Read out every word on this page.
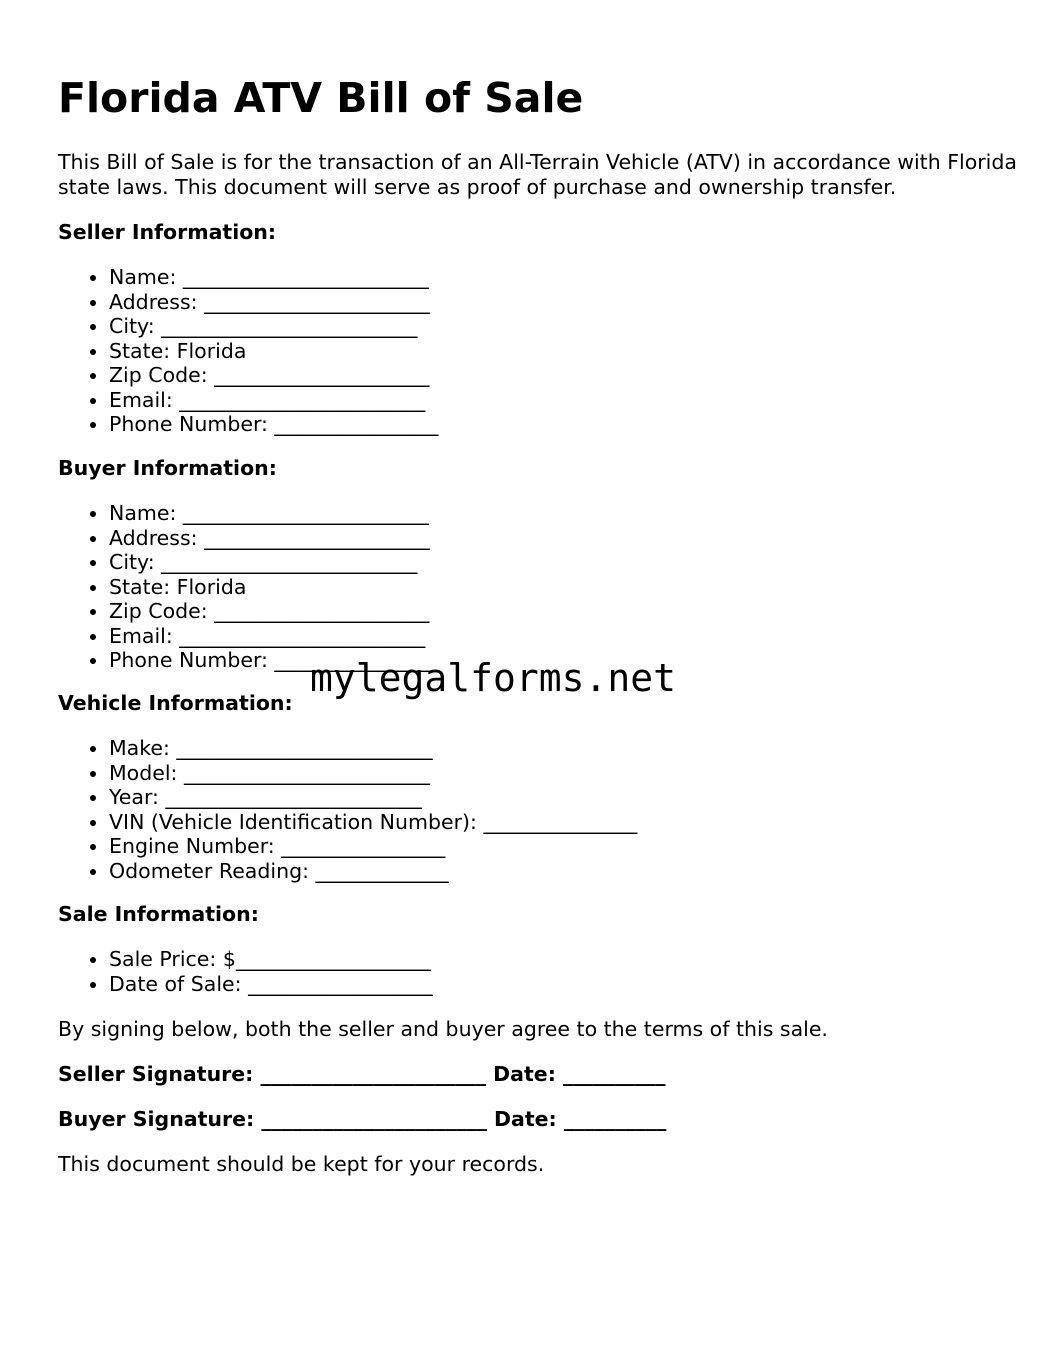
Florida ATV Bill of Sale

This Bill of Sale is for the transaction of an All-Terrain Vehicle (ATV) in accordance with Florida state laws. This document will serve as proof of purchase and ownership transfer.

Seller Information:

• Name: ________________________
• Address: ______________________
• City: _________________________
• State: Florida
• Zip Code: _____________________
• Email: ________________________
• Phone Number: ________________

Buyer Information:

• Name: ________________________
• Address: ______________________
• City: _________________________
• State: Florida
• Zip Code: _____________________
• Email: ________________________
• Phone Number: ________________

Vehicle Information:

• Make: _________________________
• Model: ________________________
• Year: _________________________
• VIN (Vehicle Identification Number): _______________
• Engine Number: ________________
• Odometer Reading: _____________

Sale Information:

• Sale Price: $___________________
• Date of Sale: __________________

By signing below, both the seller and buyer agree to the terms of this sale.

Seller Signature: ______________________ Date: __________

Buyer Signature: ______________________ Date: __________

This document should be kept for your records.

mylegalforms.net
